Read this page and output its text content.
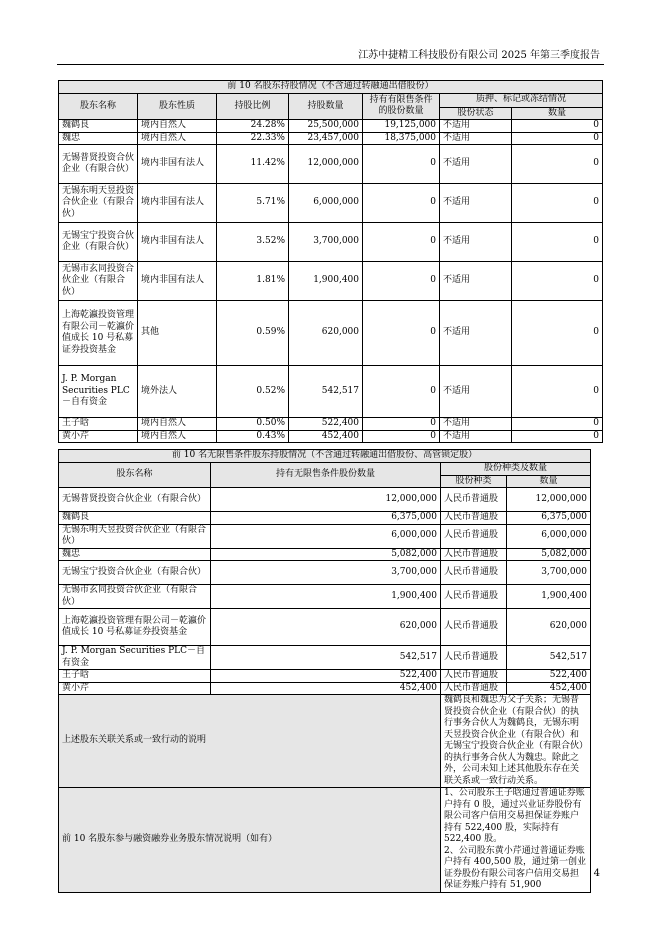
江苏中捷精工科技股份有限公司 2025 年第三季度报告
前 10 名股东持股情况（不含通过转融通出借股份）						
股东名称	股东性质	持股比例	持股数量	持有有限售条件的股份数量	质押、标记或冻结情况	
					股份状态	数量
魏鹤良	境内自然人	24.28%	25,500,000	19,125,000	不适用	0
魏忠	境内自然人	22.33%	23,457,000	18,375,000	不适用	0
无锡普贤投资合伙企业（有限合伙）	境内非国有法人	11.42%	12,000,000	0	不适用	0
无锡东明天昱投资合伙企业（有限合伙）	境内非国有法人	5.71%	6,000,000	0	不适用	0
无锡宝宁投资合伙企业（有限合伙）	境内非国有法人	3.52%	3,700,000	0	不适用	0
无锡市玄同投资合伙企业（有限合伙）	境内非国有法人	1.81%	1,900,400	0	不适用	0
上海乾瀛投资管理有限公司－乾瀛价值成长 10 号私募证券投资基金	其他	0.59%	620,000	0	不适用	0
J. P. Morgan Securities PLC－自有资金	境外法人	0.52%	542,517	0	不适用	0
王子晗	境内自然人	0.50%	522,400	0	不适用	0
黄小芹	境内自然人	0.43%	452,400	0	不适用	0
前 10 名无限售条件股东持股情况（不含通过转融通出借股份、高管锁定股）			
股东名称	持有无限售条件股份数量	股份种类及数量	
		股份种类	数量
无锡普贤投资合伙企业（有限合伙）	12,000,000	人民币普通股	12,000,000
魏鹤良	6,375,000	人民币普通股	6,375,000
无锡东明天昱投资合伙企业（有限合伙）	6,000,000	人民币普通股	6,000,000
魏忠	5,082,000	人民币普通股	5,082,000
无锡宝宁投资合伙企业（有限合伙）	3,700,000	人民币普通股	3,700,000
无锡市玄同投资合伙企业（有限合伙）	1,900,400	人民币普通股	1,900,400
上海乾瀛投资管理有限公司－乾瀛价值成长 10 号私募证券投资基金	620,000	人民币普通股	620,000
J. P. Morgan Securities PLC－自有资金	542,517	人民币普通股	542,517
王子晗	522,400	人民币普通股	522,400
黄小芹	452,400	人民币普通股	452,400
上述股东关联关系或一致行动的说明		魏鹤良和魏忠为父子关系；无锡普贤投资合伙企业（有限合伙）的执行事务合伙人为魏鹤良，无锡东明天昱投资合伙企业（有限合伙）和无锡宝宁投资合伙企业（有限合伙）的执行事务合伙人为魏忠。除此之外，公司未知上述其他股东存在关联关系或一致行动关系。	
前 10 名股东参与融资融券业务股东情况说明（如有）		1、公司股东王子晗通过普通证券账户持有 0 股，通过兴业证券股份有限公司客户信用交易担保证券账户持有 522,400 股，实际持有 522,400 股。
2、公司股东黄小芹通过普通证券账户持有 400,500 股，通过第一创业证券股份有限公司客户信用交易担保证券账户持有 51,900	
4
